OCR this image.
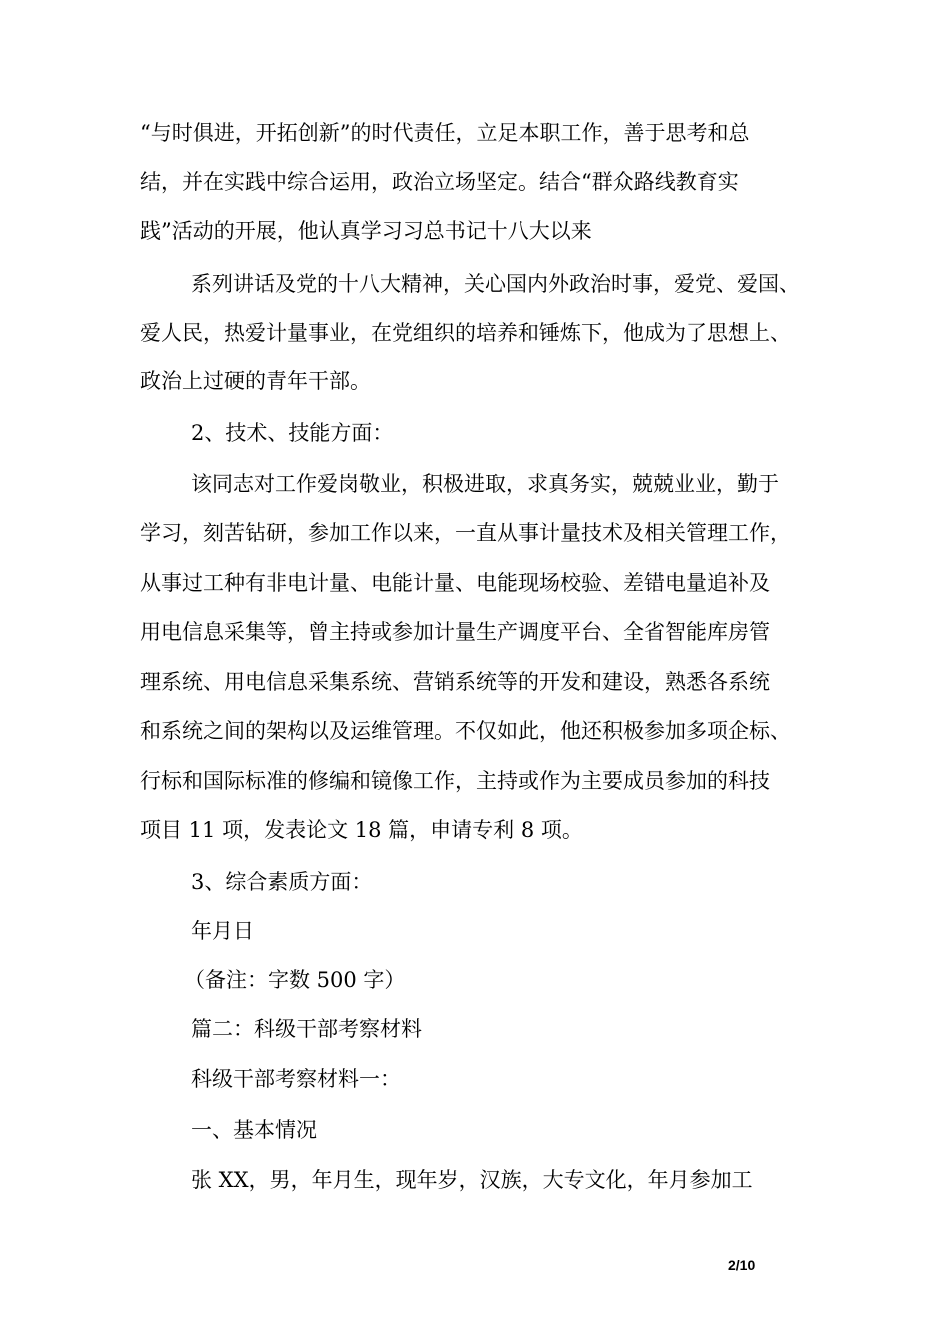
“与时俱进，开拓创新”的时代责任，立足本职工作，善于思考和总
结，并在实践中综合运用，政治立场坚定。结合“群众路线教育实
践”活动的开展，他认真学习习总书记十八大以来
系列讲话及党的十八大精神，关心国内外政治时事，爱党、爱国、
爱人民，热爱计量事业，在党组织的培养和锤炼下，他成为了思想上、
政治上过硬的青年干部。
2、技术、技能方面：
该同志对工作爱岗敬业，积极进取，求真务实，兢兢业业，勤于
学习，刻苦钻研，参加工作以来，一直从事计量技术及相关管理工作，
从事过工种有非电计量、电能计量、电能现场校验、差错电量追补及
用电信息采集等，曾主持或参加计量生产调度平台、全省智能库房管
理系统、用电信息采集系统、营销系统等的开发和建设，熟悉各系统
和系统之间的架构以及运维管理。不仅如此，他还积极参加多项企标、
行标和国际标准的修编和镜像工作，主持或作为主要成员参加的科技
项目 11 项，发表论文 18 篇，申请专利 8 项。
3、综合素质方面：
年月日
（备注：字数 500 字）
篇二：科级干部考察材料
科级干部考察材料一：
一、基本情况
张 XX，男，年月生，现年岁，汉族，大专文化，年月参加工
2/10
